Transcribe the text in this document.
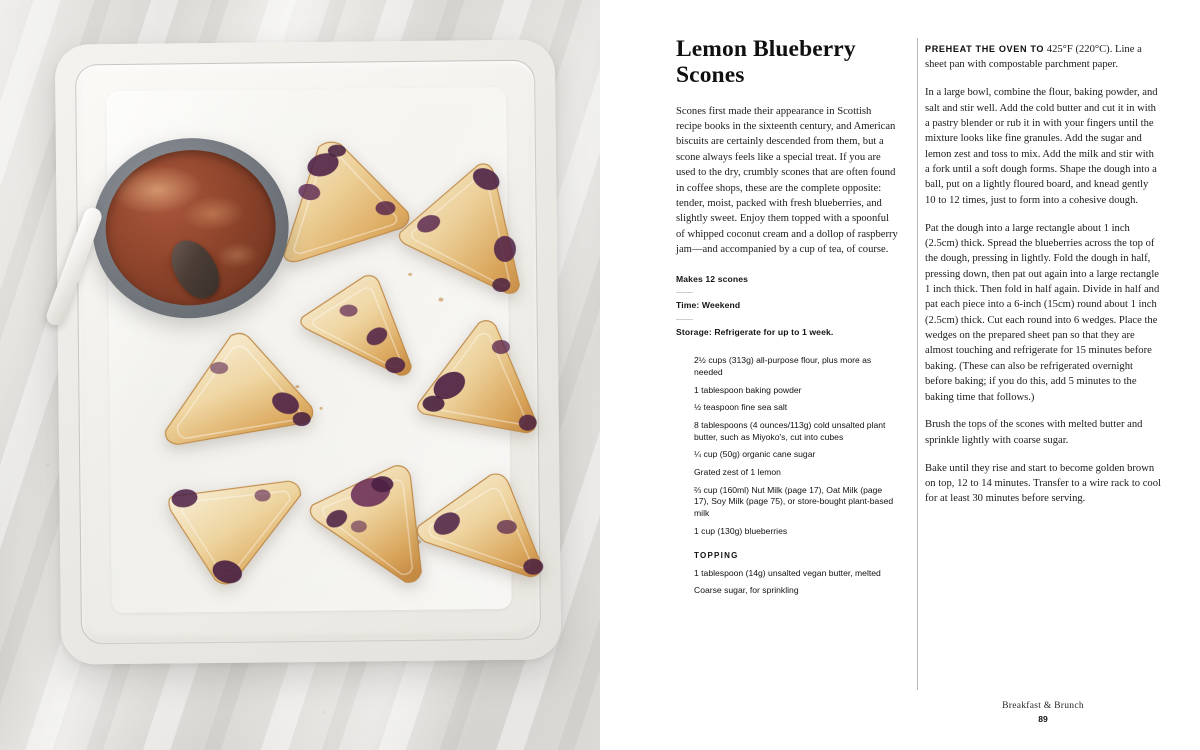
Lemon Blueberry Scones

Scones first made their appearance in Scottish recipe books in the sixteenth century, and American biscuits are certainly descended from them, but a scone always feels like a special treat. If you are used to the dry, crumbly scones that are often found in coffee shops, these are the complete opposite: tender, moist, packed with fresh blueberries, and slightly sweet. Enjoy them topped with a spoonful of whipped coconut cream and a dollop of raspberry jam—and accompanied by a cup of tea, of course.

Makes 12 scones
Time: Weekend
Storage: Refrigerate for up to 1 week.
2½ cups (313g) all-purpose flour, plus more as needed
1 tablespoon baking powder
½ teaspoon fine sea salt
8 tablespoons (4 ounces/113g) cold unsalted plant butter, such as Miyoko's, cut into cubes
¼ cup (50g) organic cane sugar
Grated zest of 1 lemon
⅔ cup (160ml) Nut Milk (page 17), Oat Milk (page 17), Soy Milk (page 75), or store-bought plant-based milk
1 cup (130g) blueberries
TOPPING
1 tablespoon (14g) unsalted vegan butter, melted
Coarse sugar, for sprinkling

PREHEAT THE OVEN TO 425°F (220°C). Line a sheet pan with compostable parchment paper.

In a large bowl, combine the flour, baking powder, and salt and stir well. Add the cold butter and cut it in with a pastry blender or rub it in with your fingers until the mixture looks like fine granules. Add the sugar and lemon zest and toss to mix. Add the milk and stir with a fork until a soft dough forms. Shape the dough into a ball, put on a lightly floured board, and knead gently 10 to 12 times, just to form into a cohesive dough.

Pat the dough into a large rectangle about 1 inch (2.5cm) thick. Spread the blueberries across the top of the dough, pressing in lightly. Fold the dough in half, pressing down, then pat out again into a large rectangle 1 inch thick. Then fold in half again. Divide in half and pat each piece into a 6-inch (15cm) round about 1 inch (2.5cm) thick. Cut each round into 6 wedges. Place the wedges on the prepared sheet pan so that they are almost touching and refrigerate for 15 minutes before baking. (These can also be refrigerated overnight before baking; if you do this, add 5 minutes to the baking time that follows.)

Brush the tops of the scones with melted butter and sprinkle lightly with coarse sugar.

Bake until they rise and start to become golden brown on top, 12 to 14 minutes. Transfer to a wire rack to cool for at least 30 minutes before serving.

Breakfast & Brunch
89
